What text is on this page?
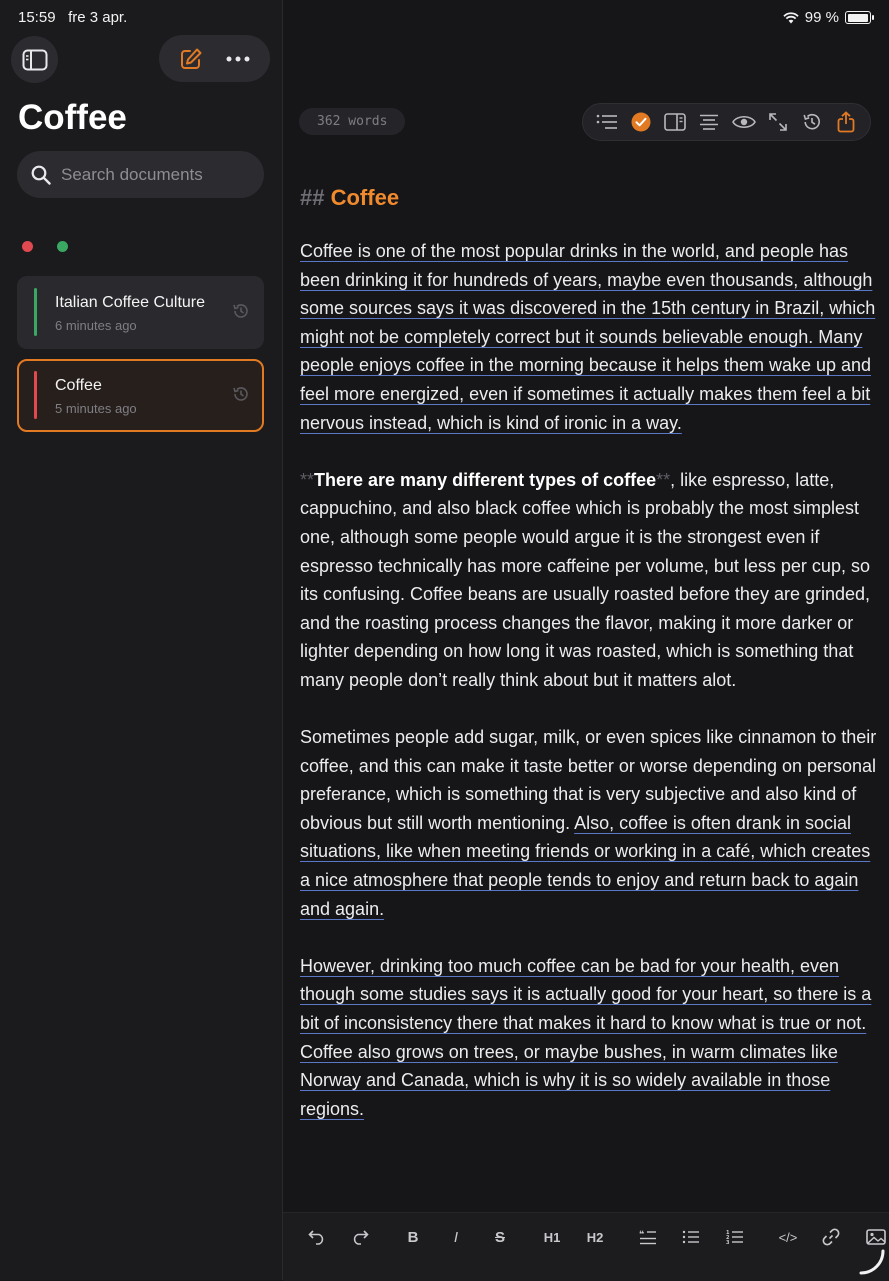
15:59 fre 3 apr.	99 %
Coffee
Search documents
Italian Coffee Culture
6 minutes ago
Coffee
5 minutes ago
362 words
## Coffee

Coffee is one of the most popular drinks in the world, and people has been drinking it for hundreds of years, maybe even thousands, although some sources says it was discovered in the 15th century in Brazil, which might not be completely correct but it sounds believable enough. Many people enjoys coffee in the morning because it helps them wake up and feel more energized, even if sometimes it actually makes them feel a bit nervous instead, which is kind of ironic in a way.

**There are many different types of coffee**, like espresso, latte, cappuchino, and also black coffee which is probably the most simplest one, although some people would argue it is the strongest even if espresso technically has more caffeine per volume, but less per cup, so its confusing. Coffee beans are usually roasted before they are grinded, and the roasting process changes the flavor, making it more darker or lighter depending on how long it was roasted, which is something that many people don’t really think about but it matters alot.

Sometimes people add sugar, milk, or even spices like cinnamon to their coffee, and this can make it taste better or worse depending on personal preferance, which is something that is very subjective and also kind of obvious but still worth mentioning. Also, coffee is often drank in social situations, like when meeting friends or working in a café, which creates a nice atmosphere that people tends to enjoy and return back to again and again.

However, drinking too much coffee can be bad for your health, even though some studies says it is actually good for your heart, so there is a bit of inconsistency there that makes it hard to know what is true or not. Coffee also grows on trees, or maybe bushes, in warm climates like Norway and Canada, which is why it is so widely available in those regions.

B	I	S	H1	H2	❝	1
2
3	</>
